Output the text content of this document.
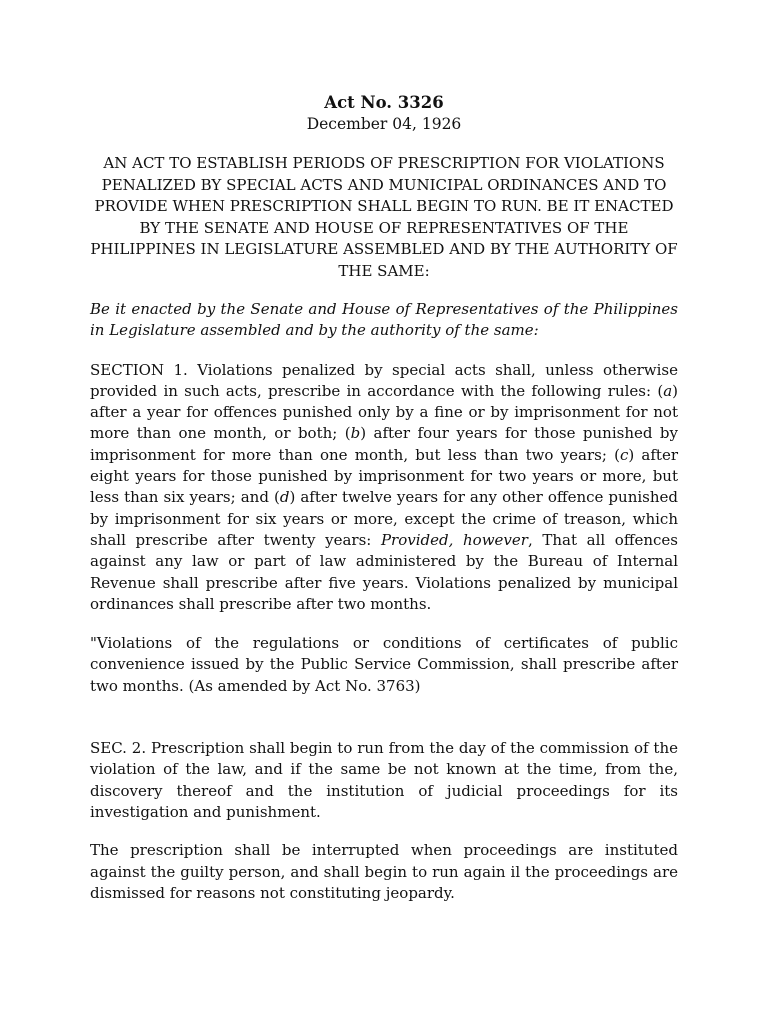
Act No. 3326

December 04, 1926

AN ACT TO ESTABLISH PERIODS OF PRESCRIPTION FOR VIOLATIONS PENALIZED BY SPECIAL ACTS AND MUNICIPAL ORDINANCES AND TO PROVIDE WHEN PRESCRIPTION SHALL BEGIN TO RUN. BE IT ENACTED BY THE SENATE AND HOUSE OF REPRESENTATIVES OF THE PHILIPPINES IN LEGISLATURE ASSEMBLED AND BY THE AUTHORITY OF THE SAME:

Be it enacted by the Senate and House of Representatives of the Philippines in Legislature assembled and by the authority of the same:

SECTION 1. Violations penalized by special acts shall, unless otherwise provided in such acts, prescribe in accordance with the following rules: (a) after a year for offences punished only by a fine or by imprisonment for not more than one month, or both; (b) after four years for those punished by imprisonment for more than one month, but less than two years; (c) after eight years for those punished by imprisonment for two years or more, but less than six years; and (d) after twelve years for any other offence punished by imprisonment for six years or more, except the crime of treason, which shall prescribe after twenty years: Provided, however, That all offences against any law or part of law administered by the Bureau of Internal Revenue shall prescribe after five years. Violations penalized by municipal ordinances shall prescribe after two months.

"Violations of the regulations or conditions of certificates of public convenience issued by the Public Service Commission, shall prescribe after two months. (As amended by Act No. 3763)

SEC. 2. Prescription shall begin to run from the day of the commission of the violation of the law, and if the same be not known at the time, from the, discovery thereof and the institution of judicial proceedings for its investigation and punishment.

The prescription shall be interrupted when proceedings are instituted against the guilty person, and shall begin to run again il the proceedings are dismissed for reasons not constituting jeopardy.
